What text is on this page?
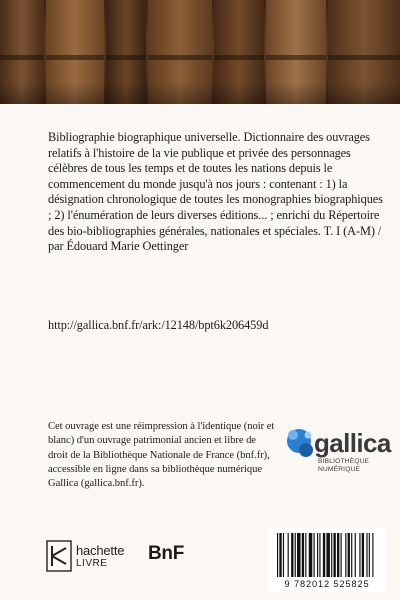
Bibliographie biographique universelle. Dictionnaire des ouvrages relatifs à l'histoire de la vie publique et privée des personnages célèbres de tous les temps et de toutes les nations depuis le commencement du monde jusqu'à nos jours : contenant : 1) la désignation chronologique de toutes les monographies biographiques ; 2) l'énumération de leurs diverses éditions... ; enrichi du Répertoire des bio-bibliographies générales, nationales et spéciales. T. I (A-M) / par Édouard Marie Oettinger

http://gallica.bnf.fr/ark:/12148/bpt6k206459d

Cet ouvrage est une réimpression à l'identique (noir et blanc) d'un ouvrage patrimonial ancien et libre de droit de la Bibliothèque Nationale de France (bnf.fr), accessible en ligne dans sa bibliothèque numérique Gallica (gallica.bnf.fr).

gallica
BIBLIOTHÈQUE NUMÉRIQUE
hachette
LIVRE BnF
9 782012 525825
